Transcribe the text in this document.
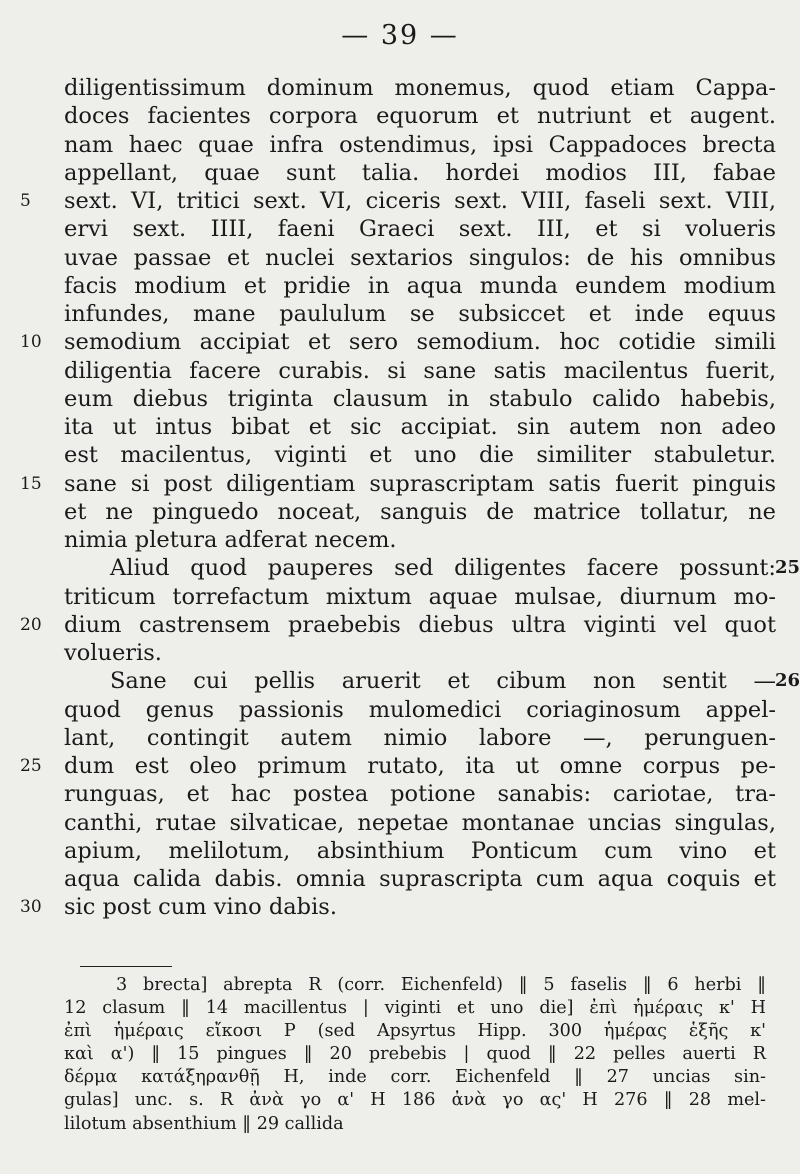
— 39 —
diligentissimum dominum monemus, quod etiam Cappa-
doces facientes corpora equorum et nutriunt et augent.
nam haec quae infra ostendimus, ipsi Cappadoces brecta
appellant, quae sunt talia. hordei modios III, fabae
5	sext. VI, tritici sext. VI, ciceris sext. VIII, faseli sext. VIII,
ervi sext. IIII, faeni Graeci sext. III, et si volueris
uvae passae et nuclei sextarios singulos: de his omnibus
facis modium et pridie in aqua munda eundem modium
infundes, mane paululum se subsiccet et inde equus
10 semodium accipiat et sero semodium. hoc cotidie simili
diligentia facere curabis. si sane satis macilentus fuerit,
eum diebus triginta clausum in stabulo calido habebis,
ita ut intus bibat et sic accipiat. sin autem non adeo
est macilentus, viginti et uno die similiter stabuletur.
15 sane si post diligentiam suprascriptam satis fuerit pinguis
et ne pinguedo noceat, sanguis de matrice tollatur, ne
nimia pletura adferat necem.
Aliud quod pauperes sed diligentes facere possunt:
25
triticum torrefactum mixtum aquae mulsae, diurnum mo-
20 dium castrensem praebebis diebus ultra viginti vel quot
volueris.
Sane cui pellis aruerit et cibum non sentit —
26
quod genus passionis mulomedici coriaginosum appel-
lant, contingit autem nimio labore —, perunguen-
25 dum est oleo primum rutato, ita ut omne corpus pe-
runguas, et hac postea potione sanabis: cariotae, tra-
canthi, rutae silvaticae, nepetae montanae uncias singulas,
apium, melilotum, absinthium Ponticum cum vino et
aqua calida dabis. omnia suprascripta cum aqua coquis et
30 sic post cum vino dabis.
3 brecta] abrepta R (corr. Eichenfeld) ‖ 5 faselis ‖ 6 herbi ‖
12 clasum ‖ 14 macillentus | viginti et uno die] ἐπὶ ἡμέραις κ' H
ἐπὶ ἡμέραις εἴκοσι P (sed Apsyrtus Hipp. 300 ἡμέρας ἑξῆς κ'
καὶ α') ‖ 15 pingues ‖ 20 prebebis | quod ‖ 22 pelles auerti R
δέρμα κατάξηρανθῇ H, inde corr. Eichenfeld ‖ 27 uncias sin-
gulas] unc. s. R ἀνὰ γο α' H 186 ἀνὰ γο ας' H 276 ‖ 28 mel-
lilotum absenthium ‖ 29 callida
